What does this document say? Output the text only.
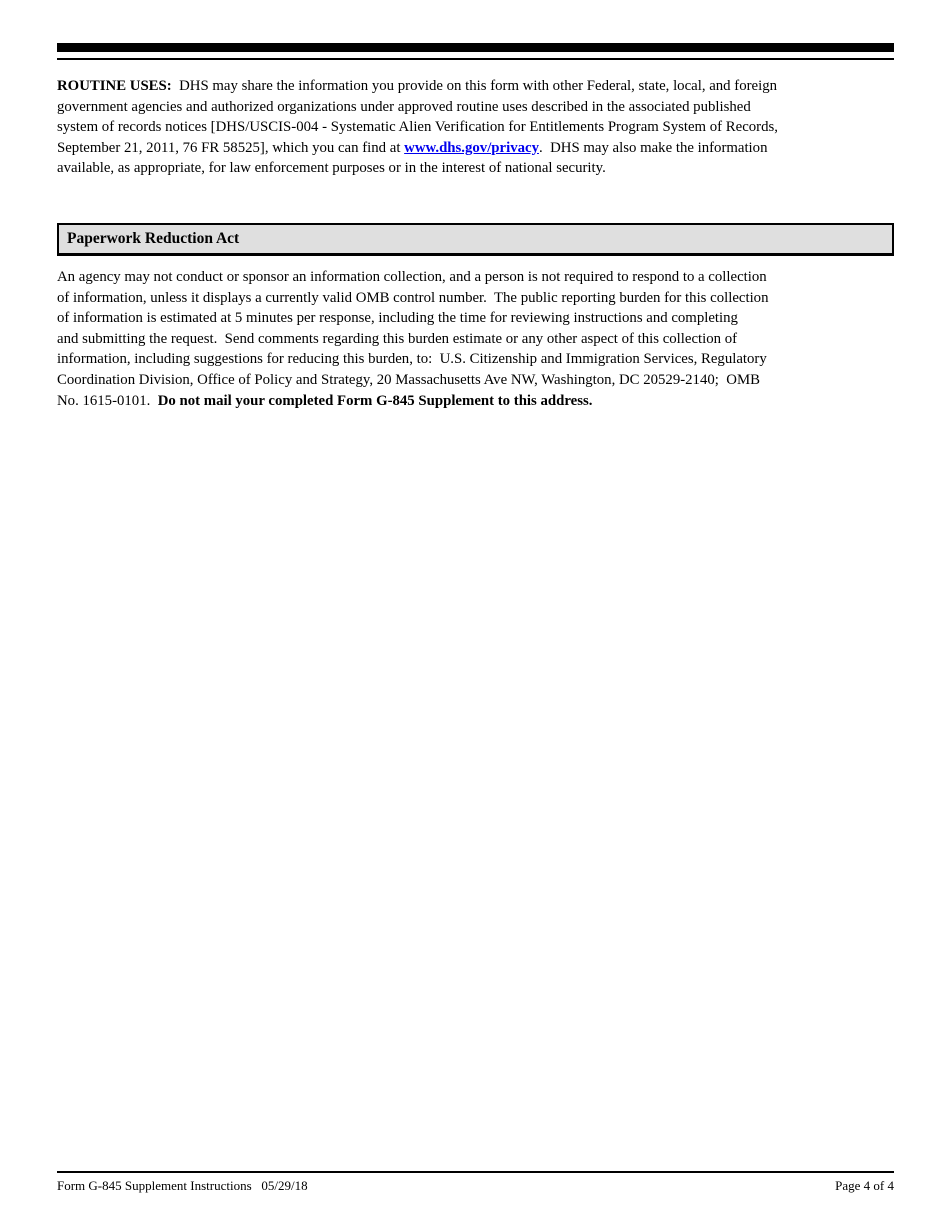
ROUTINE USES:  DHS may share the information you provide on this form with other Federal, state, local, and foreign
government agencies and authorized organizations under approved routine uses described in the associated published
system of records notices [DHS/USCIS-004 - Systematic Alien Verification for Entitlements Program System of Records,
September 21, 2011, 76 FR 58525], which you can find at www.dhs.gov/privacy.  DHS may also make the information
available, as appropriate, for law enforcement purposes or in the interest of national security.
Paperwork Reduction Act
An agency may not conduct or sponsor an information collection, and a person is not required to respond to a collection
of information, unless it displays a currently valid OMB control number.  The public reporting burden for this collection
of information is estimated at 5 minutes per response, including the time for reviewing instructions and completing
and submitting the request.  Send comments regarding this burden estimate or any other aspect of this collection of
information, including suggestions for reducing this burden, to:  U.S. Citizenship and Immigration Services, Regulatory
Coordination Division, Office of Policy and Strategy, 20 Massachusetts Ave NW, Washington, DC 20529-2140;  OMB
No. 1615-0101.  Do not mail your completed Form G-845 Supplement to this address.
Form G-845 Supplement Instructions   05/29/18	Page 4 of 4
